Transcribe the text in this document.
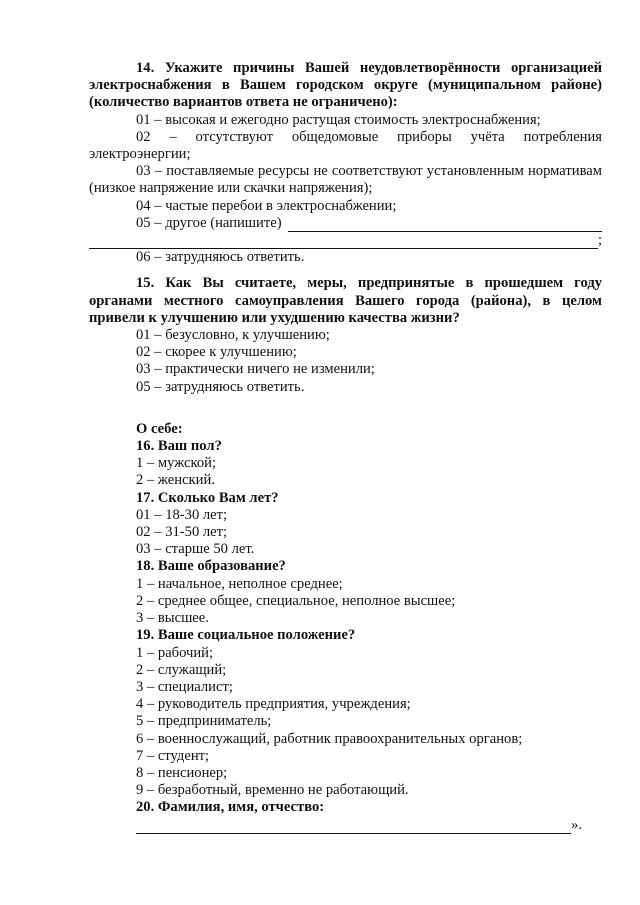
14. Укажите причины Вашей неудовлетворённости организацией электроснабжения в Вашем городском округе (муниципальном районе) (количество вариантов ответа не ограничено):
01 – высокая и ежегодно растущая стоимость электроснабжения;
02 – отсутствуют общедомовые приборы учёта потребления электроэнергии;
03 – поставляемые ресурсы не соответствуют установленным нормативам (низкое напряжение или скачки напряжения);
04 – частые перебои в электроснабжении;
05 – другое (напишите)
;
06 – затрудняюсь ответить.
15. Как Вы считаете, меры, предпринятые в прошедшем году органами местного самоуправления Вашего города (района), в целом привели к улучшению или ухудшению качества жизни?
01 – безусловно, к улучшению;
02 – скорее к улучшению;
03 – практически ничего не изменили;
05 – затрудняюсь ответить.
О себе:
16. Ваш пол?
1 – мужской;
2 – женский.
17. Сколько Вам лет?
01 – 18-30 лет;
02 – 31-50 лет;
03 – старше 50 лет.
18. Ваше образование?
1 – начальное, неполное среднее;
2 – среднее общее, специальное, неполное высшее;
3 – высшее.
19. Ваше социальное положение?
1 – рабочий;
2 – служащий;
3 – специалист;
4 – руководитель предприятия, учреждения;
5 – предприниматель;
6 – военнослужащий, работник правоохранительных органов;
7 – студент;
8 – пенсионер;
9 – безработный, временно не работающий.
20. Фамилия, имя, отчество:
».
